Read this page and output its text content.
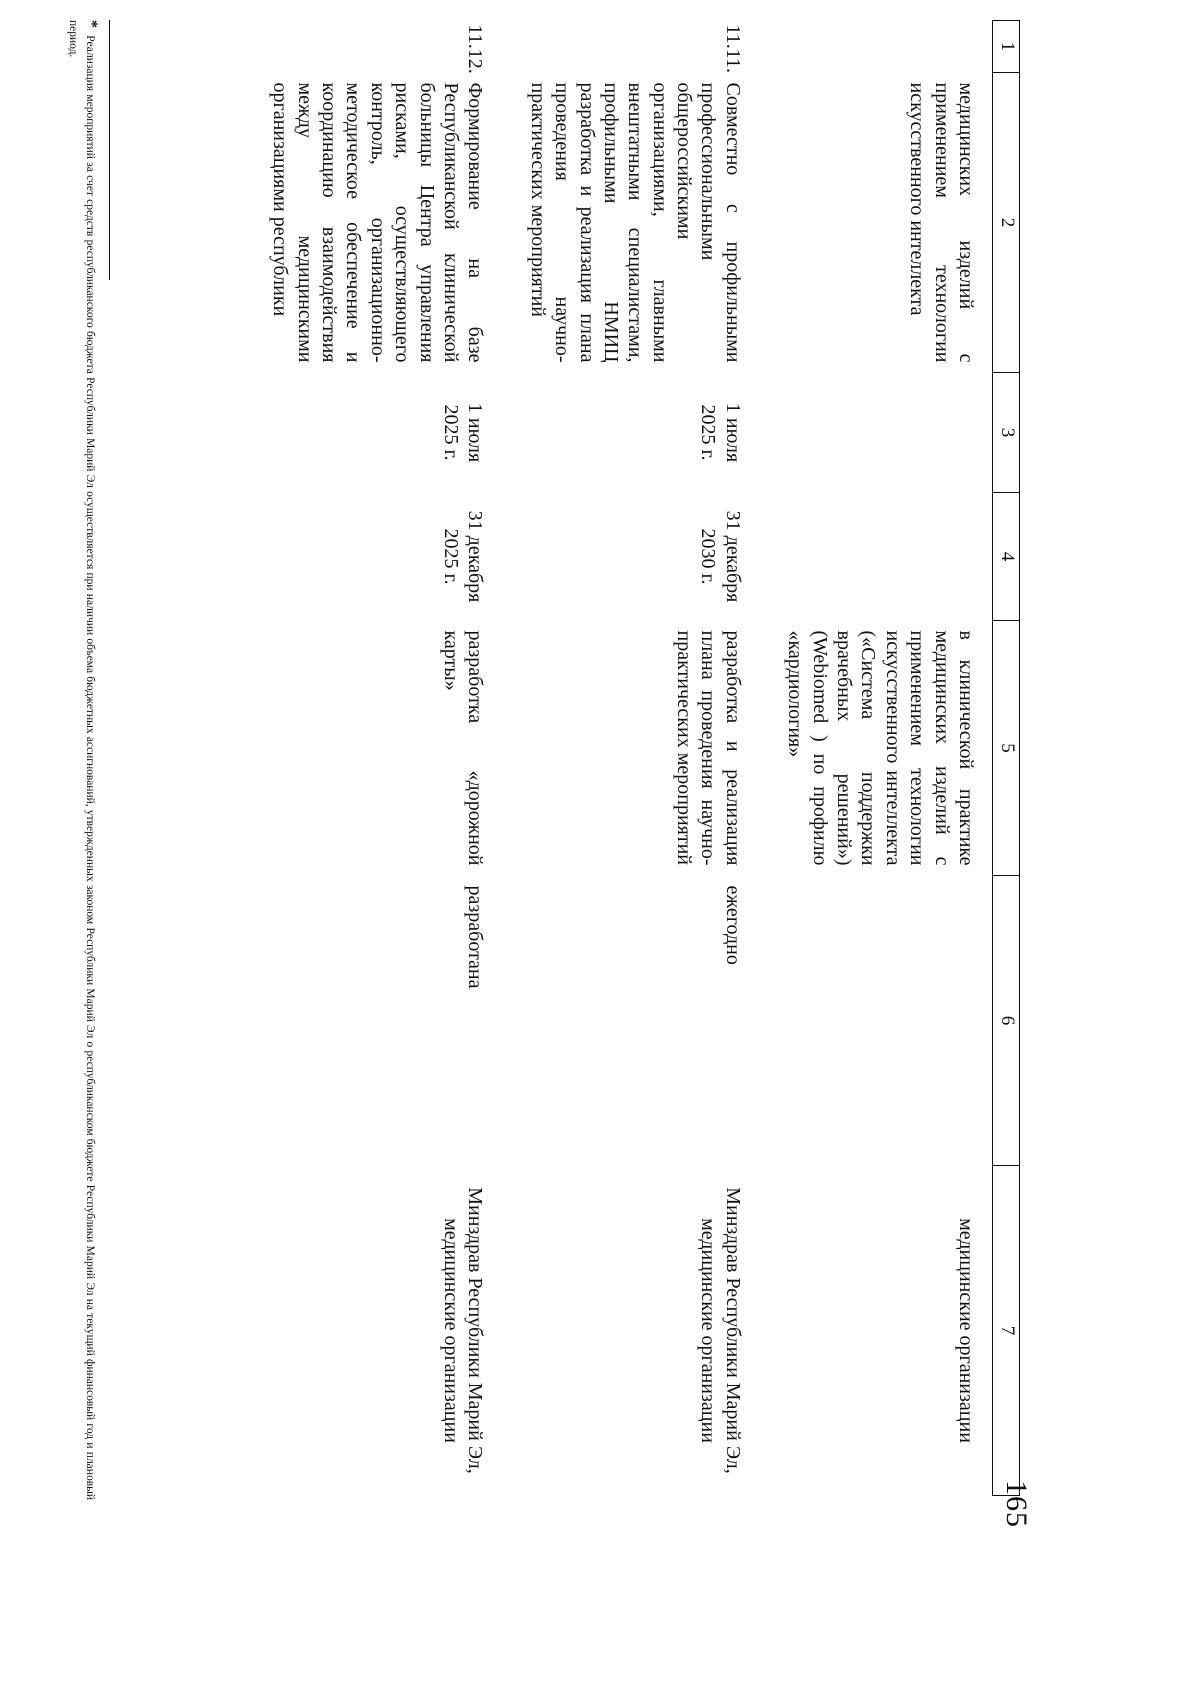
165
1	2	3	4	5	6	7
	медицинских изделий с применением технологии искусственного интеллекта			в клинической практике медицинских изделий с применением технологии искусственного интеллекта («Система поддержки врачебных решений») (Webiomed ) по профилю «кардиология»		медицинские организации
11.11.	Совместно с профильными профессиональными общероссийскими организациями, главными внештатными специалистами, профильными НМИЦ разработка и реализация плана проведения научно-практических мероприятий	1 июля 2025 г.	31 декабря 2030 г.	разработка и реализация плана проведения научно-практических мероприятий	ежегодно	Минздрав Республики Марий Эл, медицинские организации
11.12.	Формирование на базе Республиканской клинической больницы Центра управления рисками, осуществляющего контроль, организационно-методическое обеспечение и координацию взаимодействия между медицинскими организациями республики	1 июля 2025 г.	31 декабря 2025 г.	разработка «дорожной карты»	разработана	Минздрав Республики Марий Эл, медицинские организации
* Реализация мероприятий за счет средств республиканского бюджета Республики Марий Эл осуществляется при наличии объема бюджетных ассигнований, утвержденных законом Республики Марий Эл о республиканском бюджете Республики Марий Эл на текущий финансовый год и плановый период.
